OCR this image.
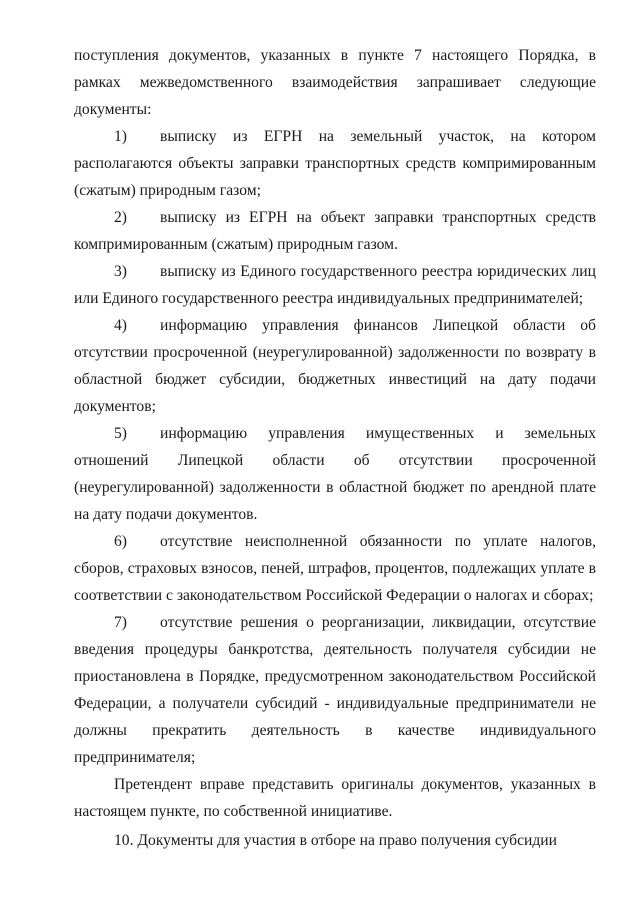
поступления документов, указанных в пункте 7 настоящего Порядка, в рамках межведомственного взаимодействия запрашивает следующие документы:

1) выписку из ЕГРН на земельный участок, на котором располагаются объекты заправки транспортных средств компримированным (сжатым) природным газом;

2) выписку из ЕГРН на объект заправки транспортных средств компримированным (сжатым) природным газом.

3) выписку из Единого государственного реестра юридических лиц или Единого государственного реестра индивидуальных предпринимателей;

4) информацию управления финансов Липецкой области об отсутствии просроченной (неурегулированной) задолженности по возврату в областной бюджет субсидии, бюджетных инвестиций на дату подачи документов;

5) информацию управления имущественных и земельных отношений Липецкой области об отсутствии просроченной (неурегулированной) задолженности в областной бюджет по арендной плате на дату подачи документов.

6) отсутствие неисполненной обязанности по уплате налогов, сборов, страховых взносов, пеней, штрафов, процентов, подлежащих уплате в соответствии с законодательством Российской Федерации о налогах и сборах;

7) отсутствие решения о реорганизации, ликвидации, отсутствие введения процедуры банкротства, деятельность получателя субсидии не приостановлена в Порядке, предусмотренном законодательством Российской Федерации, а получатели субсидий - индивидуальные предприниматели не должны прекратить деятельность в качестве индивидуального предпринимателя;

Претендент вправе представить оригиналы документов, указанных в настоящем пункте, по собственной инициативе.

10. Документы для участия в отборе на право получения субсидии
